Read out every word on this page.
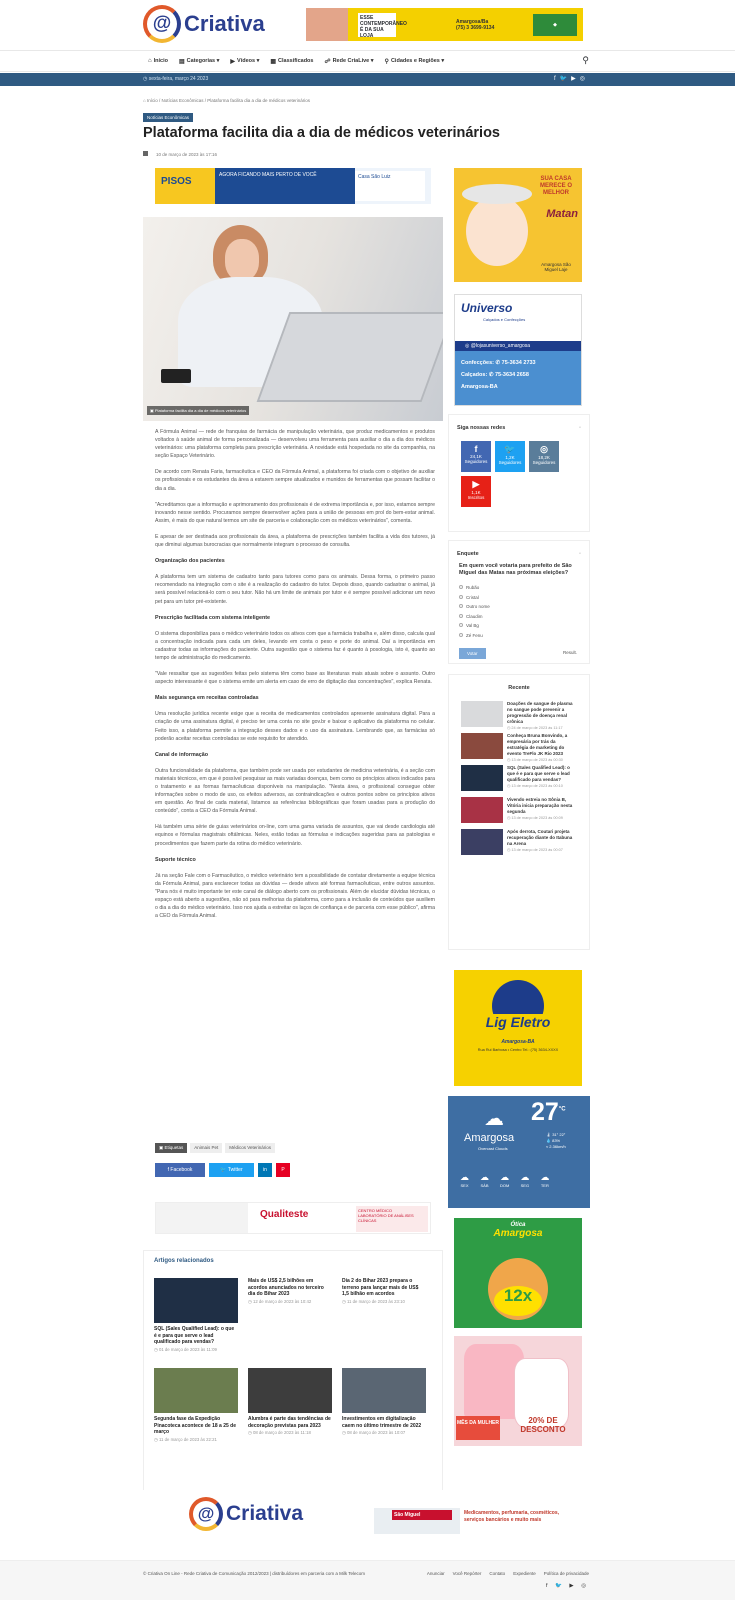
@ Criativa	ESSE CONTEMPORÂNEO É DA SUA LOJA
Amargosa/Ba
(75) 3 3699-9134	◆
⌂ Início ▤ Categorias ▾ ▶ Vídeos ▾ ▦ Classificados ☍ Rede CriaLive ▾ ⚲ Cidades e Regiões ▾	⚲
◷ sexta-feira, março 24 2023	f🐦▶◎
⌂ Início / Notícias Econômicas / Plataforma facilita dia a dia de médicos veterinários
Notícias Econômicas
Plataforma facilita dia a dia de médicos veterinários
10 de março de 2023 às 17:16
PISOS
AGORA FICANDO MAIS PERTO DE VOCÊ	Casa São Luiz
▣ Plataforma facilita dia a dia de médicos veterinários

A Fórmula Animal — rede de franquias de farmácia de manipulação veterinária, que produz medicamentos e produtos voltados à saúde animal de forma personalizada — desenvolveu uma ferramenta para auxiliar o dia a dia dos médicos veterinários: uma plataforma completa para prescrição veterinária. A novidade está hospedada no site da companhia, na seção Espaço Veterinário.

De acordo com Renata Faria, farmacêutica e CEO da Fórmula Animal, a plataforma foi criada com o objetivo de auxiliar os profissionais e os estudantes da área a estarem sempre atualizados e munidos de ferramentas que possam facilitar o dia a dia.

"Acreditamos que a informação e aprimoramento dos profissionais é de extrema importância e, por isso, estamos sempre inovando nesse sentido. Procuramos sempre desenvolver ações para a união de pessoas em prol do bem-estar animal. Assim, é mais do que natural termos um site de parceria e colaboração com os médicos veterinários", comenta.

E apesar de ser destinada aos profissionais da área, a plataforma de prescrições também facilita a vida dos tutores, já que diminui algumas burocracias que normalmente integram o processo de consulta.

Organização dos pacientes

A plataforma tem um sistema de cadastro tanto para tutores como para os animais. Dessa forma, o primeiro passo recomendado na integração com o site é a realização do cadastro do tutor. Depois disso, quando cadastrar o animal, já será possível relacioná-lo com o seu tutor. Não há um limite de animais por tutor e é sempre possível adicionar um novo pet para um tutor pré-existente.

Prescrição facilitada com sistema inteligente

O sistema disponibiliza para o médico veterinário todos os ativos com que a farmácia trabalha e, além disso, calcula qual a concentração indicada para cada um deles, levando em conta o peso e porte do animal. Daí a importância em cadastrar todas as informações do paciente. Outra sugestão que o sistema faz é quanto à posologia, isto é, quanto ao tempo de administração do medicamento.

"Vale ressaltar que as sugestões feitas pelo sistema têm como base as literaturas mais atuais sobre o assunto. Outro aspecto interessante é que o sistema emite um alerta em caso de erro de digitação das concentrações", explica Renata.

Mais segurança em receitas controladas

Uma resolução jurídica recente exige que a receita de medicamentos controlados apresente assinatura digital. Para a criação de uma assinatura digital, é preciso ter uma conta no site gov.br e baixar o aplicativo da plataforma no celular. Feito isso, a plataforma permite a integração desses dados e o uso da assinatura. Lembrando que, as farmácias só poderão aceitar receitas controladas se este requisito for atendido.

Canal de informação

Outra funcionalidade da plataforma, que também pode ser usada por estudantes de medicina veterinária, é a seção com materiais técnicos, em que é possível pesquisar as mais variadas doenças, bem como os princípios ativos indicados para o tratamento e as formas farmacêuticas disponíveis na manipulação. "Nesta área, o profissional consegue obter informações sobre o modo de uso, os efeitos adversos, as contraindicações e outros pontos sobre os princípios ativos em questão. Ao final de cada material, listamos as referências bibliográficas que foram usadas para a produção do conteúdo", conta a CEO da Fórmula Animal.

Há também uma série de guias veterinários on-line, com uma gama variada de assuntos, que vai desde cardiologia até equinos e fórmulas magistrais oftálmicas. Neles, estão todas as fórmulas e indicações sugeridas para as patologias e procedimentos que fazem parte da rotina do médico veterinário.

Suporte técnico

Já na seção Fale com o Farmacêutico, o médico veterinário tem a possibilidade de contatar diretamente a equipe técnica da Fórmula Animal, para esclarecer todas as dúvidas — desde ativos até formas farmacêuticas, entre outros assuntos. "Para nós é muito importante ter este canal de diálogo aberto com os profissionais. Além de elucidar dúvidas técnicas, o espaço está aberto a sugestões, não só para melhorias da plataforma, como para a inclusão de conteúdos que auxiliem o dia a dia do médico veterinário. Isso nos ajuda a estreitar os laços de confiança e de parceria com esse público", afirma a CEO da Fórmula Animal.

▣ Etiquetas	Animais Pet	Médicos Veterinários
f Facebook	🐦 Twitter	in	P
Qualiteste	CENTRO MÉDICO
LABORATÓRIO DE ANÁLISES CLÍNICAS
Artigos relacionados
SQL (Sales Qualified Lead): o que é e para que serve o lead qualificado para vendas?
◷ 01 de março de 2023 às 11:09
Mais de US$ 2,5 bilhões em acordos anunciados no terceiro dia do Bihar 2023
◷ 12 de março de 2023 às 10:42
Dia 2 do Bihar 2023 prepara o terreno para lançar mais de US$ 1,5 bilhão em acordos
◷ 11 de março de 2023 às 23:10
Segunda fase da Expedição Pinacoteca acontece de 18 a 25 de março
◷ 11 de março de 2023 às 22:21
Alumbra é parte das tendências de decoração previstas para 2023
◷ 08 de março de 2023 às 11:18
Investimentos em digitalização caem no último trimestre de 2022
◷ 08 de março de 2023 às 10:07
SUA CASA MERECE O MELHOR
Matan
Amargosa São Miguel Laje
Universo
Calçados e Confecções
◎ @lojasuniverso_amargosa
Confecções: ✆ 75-3634 2733
Calçados: ✆ 75-3634 2658
Amargosa-BA
Siga nossas redes	◦
f
24,1K
Seguidores
🐦
1,2K
Seguidores
◎
18,2K
Seguidores
▶
1,1K
Inscritos
Enquete	◦
Em quem você votaria para prefeito de São Miguel das Matas nas próximas eleições?
Rubão
Cristal
Outro nome
Claudim
Val Bg
Zé Fenu
Votar	Result.
Recente
Doações de sangue de plasma no sangue pode prevenir a progressão de doença renal crônica
◷ 24 de março de 2023 às 11:17
Conheça Bruna Bonvindo, a empresária por trás da estratégia de marketing do evento TreFlo JK Rio 2023
◷ 13 de março de 2023 às 00:30
SQL (Sales Qualified Lead): o que é e para que serve o lead qualificado para vendas?
◷ 13 de março de 2023 às 00:10
Vivendo estreia no Sônia B, Vitória inicia preparação nesta segunda
◷ 13 de março de 2023 às 00:09
Após derrota, Coutari projeta recuperação diante do Itabuna na Arena
◷ 13 de março de 2023 às 00:07
Lig Eletro
Amargosa-BA
Rua Rui Barbosa • Centro Tel.: (75) 3634-XXXX
☁ $27^{^\circ C}$
Amargosa
Overcast Clouds
🌡 31° 22°
💧 83%
≈ 2.36km/h
☁
SEX
☁
SÁB
☁
DOM
☁
SEG
☁
TER
Ótica
Amargosa
12x
MÊS DA MULHER	20% DE DESCONTO
@ Criativa	São Miguel	Medicamentos, perfumaria, cosméticos, serviços bancários e muito mais
© Criativa On Line - Rede Criativa de Comunicação 2012/2023 | distribuídores em parceria com a Milk Telecom	Anunciar Você Repórter Contato Expediente Política de privacidade
f 🐦 ▶ ◎
